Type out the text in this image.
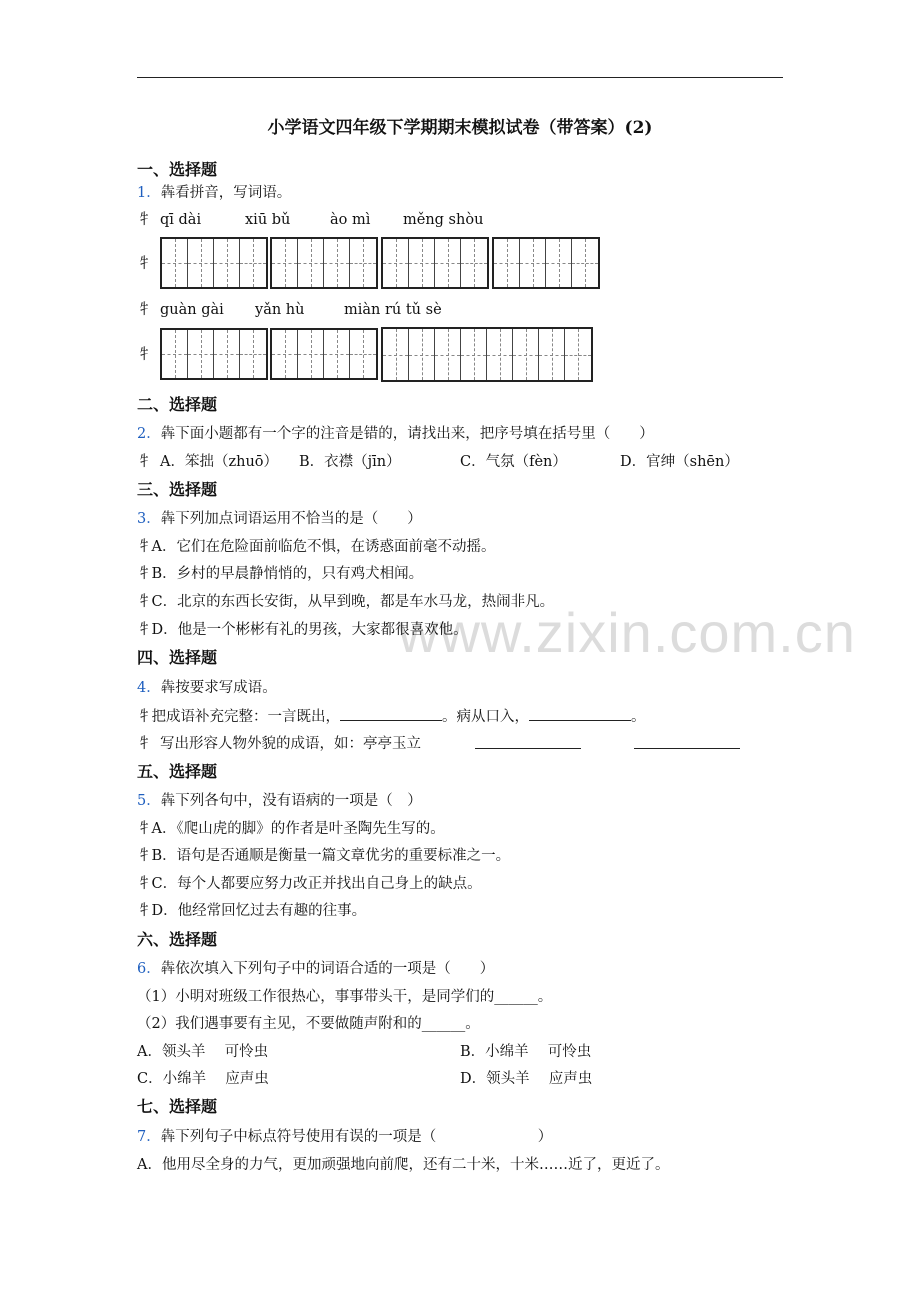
小学语文四年级下学期期末模拟试卷（带答案）(2)
www.zixin.com.cn
一、选择题
1．犇看拼音，写词语。
牜 qī dài	xiū bǔ	ào mì měng shòu
牜
牜 guàn gài yǎn hù	miàn rú tǔ sè
牜
二、选择题
2．犇下面小题都有一个字的注音是错的，请找出来，把序号填在括号里（　　）
牜 A．笨拙（zhuō） B．衣襟（jīn）	C．气氛（fèn）	D．官绅（shēn）
三、选择题
3．犇下列加点词语运用不恰当的是（　　）
牜A．它们在危险面前临危不惧，在诱惑面前毫不动摇。
牜B．乡村的早晨静悄悄的，只有鸡犬相闻。
牜C．北京的东西长安街，从早到晚，都是车水马龙，热闹非凡。
牜D．他是一个彬彬有礼的男孩，大家都很喜欢他。
四、选择题
4．犇按要求写成语。
牜把成语补充完整：一言既出，	。病从口入，	。
牜 写出形容人物外貌的成语，如：亭亭玉立
五、选择题
5．犇下列各句中，没有语病的一项是（　）
牜A．《爬山虎的脚》的作者是叶圣陶先生写的。
牜B．语句是否通顺是衡量一篇文章优劣的重要标准之一。
牜C．每个人都要应努力改正并找出自己身上的缺点。
牜D．他经常回忆过去有趣的往事。
六、选择题
6．犇依次填入下列句子中的词语合适的一项是（　　）
（1）小明对班级工作很热心，事事带头干，是同学们的______。
（2）我们遇事要有主见，不要做随声附和的______。
A．领头羊　 可怜虫	B．小绵羊　 可怜虫
C．小绵羊　 应声虫	D．领头羊　 应声虫
七、选择题
7．犇下列句子中标点符号使用有误的一项是（　　　　　　　）
A．他用尽全身的力气，更加顽强地向前爬，还有二十米，十米……近了，更近了。
